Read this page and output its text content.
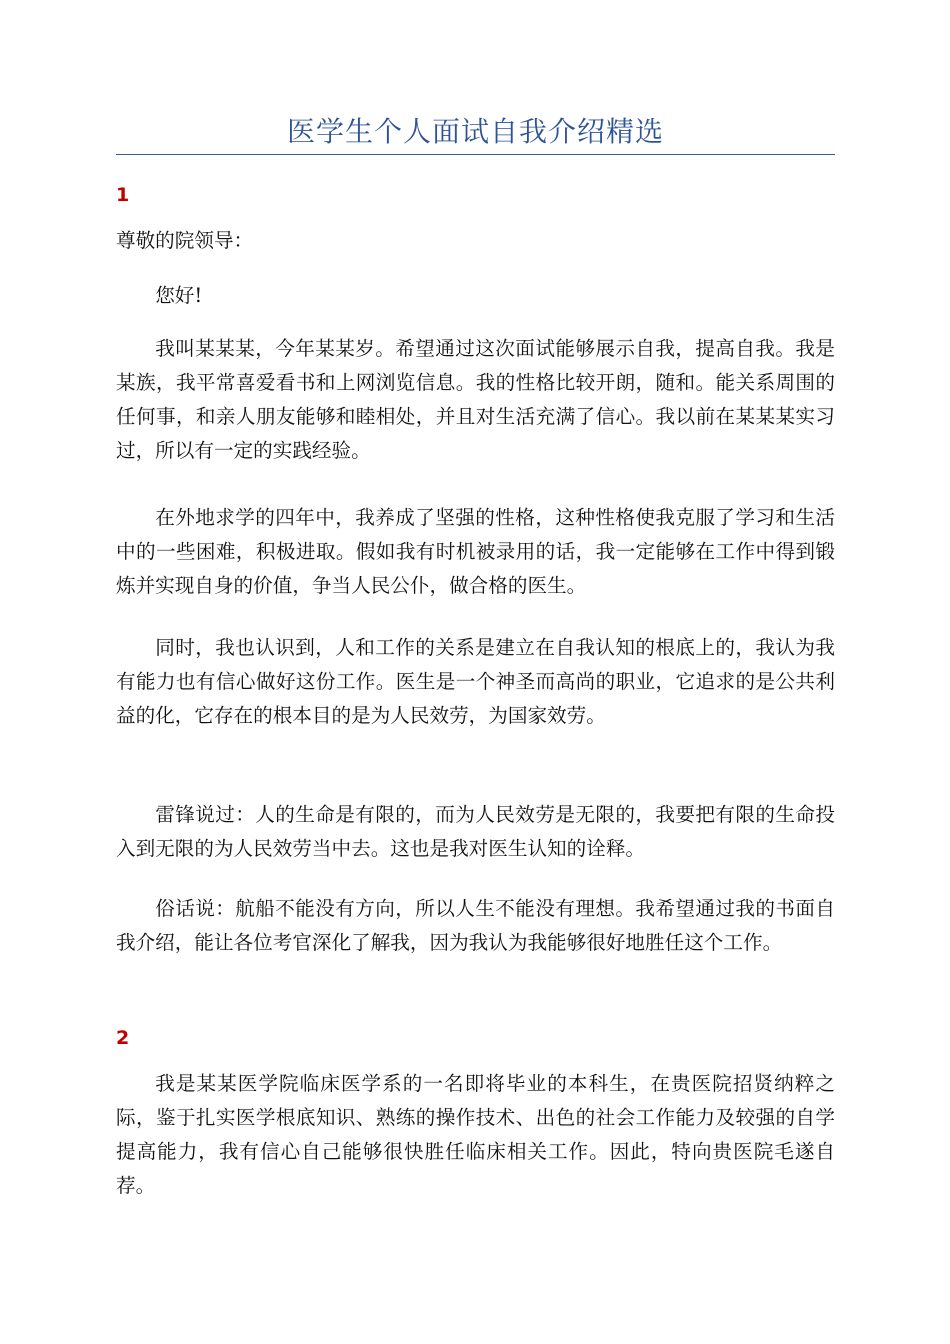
医学生个人面试自我介绍精选
1

尊敬的院领导：

您好!

我叫某某某，今年某某岁。希望通过这次面试能够展示自我，提高自我。我是某族，我平常喜爱看书和上网浏览信息。我的性格比较开朗，随和。能关系周围的任何事，和亲人朋友能够和睦相处，并且对生活充满了信心。我以前在某某某实习过，所以有一定的实践经验。

在外地求学的四年中，我养成了坚强的性格，这种性格使我克服了学习和生活中的一些困难，积极进取。假如我有时机被录用的话，我一定能够在工作中得到锻炼并实现自身的价值，争当人民公仆，做合格的医生。

同时，我也认识到，人和工作的关系是建立在自我认知的根底上的，我认为我有能力也有信心做好这份工作。医生是一个神圣而高尚的职业，它追求的是公共利益的化，它存在的根本目的是为人民效劳，为国家效劳。

雷锋说过：人的生命是有限的，而为人民效劳是无限的，我要把有限的生命投入到无限的为人民效劳当中去。这也是我对医生认知的诠释。

俗话说：航船不能没有方向，所以人生不能没有理想。我希望通过我的书面自我介绍，能让各位考官深化了解我，因为我认为我能够很好地胜任这个工作。

2

我是某某医学院临床医学系的一名即将毕业的本科生，在贵医院招贤纳粹之际，鉴于扎实医学根底知识、熟练的操作技术、出色的社会工作能力及较强的自学提高能力，我有信心自己能够很快胜任临床相关工作。因此，特向贵医院毛遂自荐。
